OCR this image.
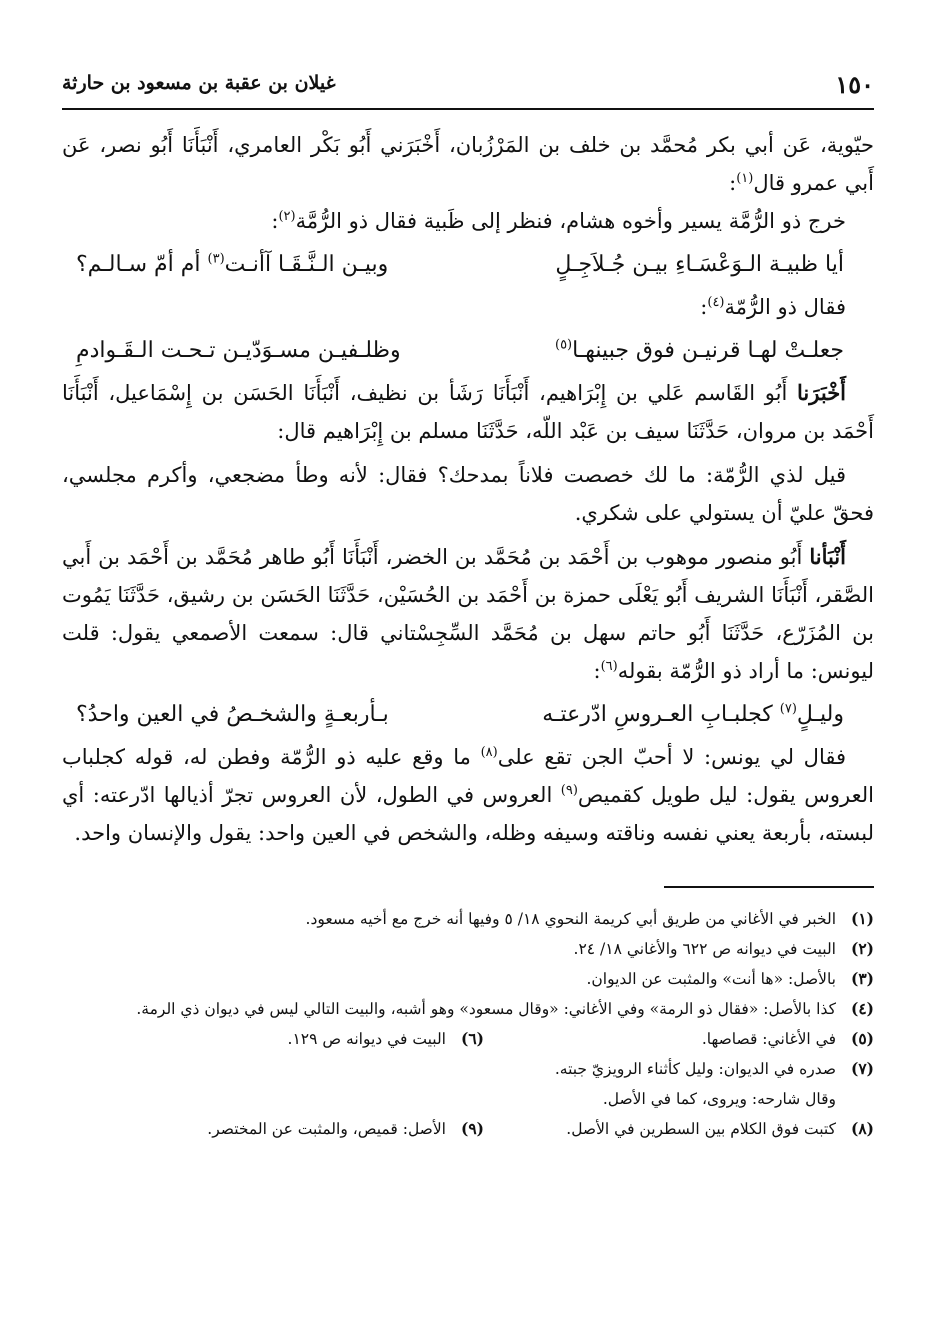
١٥٠
غيلان بن عقبة بن مسعود بن حارثة

حيّوية، عَن أبي بكر مُحمَّد بن خلف بن المَرْزُبان، أَخْبَرَني أَبُو بَكْر العامري، أَنْبَأَنَا أَبُو نصر، عَن أَبي عمرو قال$^{(١)}$:

خرج ذو الرُّمَّة يسير وأخوه هشام، فنظر إلى ظَبية فقال ذو الرُّمَّة$^{(٢)}$:

أيا ظبيـة الـوَعْسَـاءِ بيـن جُـلاَجِـلٍ
وبيـن الـنَّـقَـا آأنـت$^{(٣)}$ أم أمّ سـالـم؟

فقال ذو الرُّمّة$^{(٤)}$:

جعلـتْ لهـا قرنيـن فوق جبينهـا$^{(٥)}$
وظلـفيـن مسـوَدّيـن تـحـت الـقَـوادمِ

أَخْبَرَنا أَبُو القَاسم عَلي بن إِبْرَاهيم، أَنْبَأَنَا رَشَأ بن نظيف، أَنْبَأَنَا الحَسَن بن إِسْمَاعيل، أَنْبَأَنَا أَحْمَد بن مروان، حَدَّثَنَا سيف بن عَبْد اللّه، حَدَّثَنَا مسلم بن إِبْرَاهيم قال:

قيل لذي الرُّمّة: ما لك خصصت فلاناً بمدحك؟ فقال: لأنه وطأ مضجعي، وأكرم مجلسي، فحقّ عليّ أن يستولي على شكري.

أَنْبَأنا أَبُو منصور موهوب بن أَحْمَد بن مُحَمَّد بن الخضر، أَنْبَأَنَا أَبُو طاهر مُحَمَّد بن أَحْمَد بن أَبي الصَّقر، أَنْبَأَنَا الشريف أَبُو يَعْلَى حمزة بن أَحْمَد بن الحُسَيْن، حَدَّثَنَا الحَسَن بن رشيق، حَدَّثَنَا يَمُوت بن المُزَرّع، حَدَّثَنَا أَبُو حاتم سهل بن مُحَمَّد السِّجِسْتاني قال: سمعت الأصمعي يقول: قلت ليونس: ما أراد ذو الرُّمّة بقوله$^{(٦)}$:

وليـلٍ$^{(٧)}$ كجلبـابِ العـروسِ ادّرعتـه
بـأربعـةٍ والشخـصُ في العين واحدُ؟

فقال لي يونس: لا أحبّ الجن تقع على$^{(٨)}$ ما وقع عليه ذو الرُّمّة وفطن له، قوله كجلباب العروس يقول: ليل طويل كقميص$^{(٩)}$ العروس في الطول، لأن العروس تجرّ أذيالها ادّرعته: أي لبسته، بأربعة يعني نفسه وناقته وسيفه وظله، والشخص في العين واحد: يقول والإنسان واحد.

(١)
الخبر في الأغاني من طريق أبي كريمة النحوي ١٨/ ٥ وفيها أنه خرج مع أخيه مسعود.
(٢)
البيت في ديوانه ص ٦٢٢ والأغاني ١٨/ ٢٤.
(٣)
بالأصل: «ها أنت» والمثبت عن الديوان.
(٤)
كذا بالأصل: «فقال ذو الرمة» وفي الأغاني: «وقال مسعود» وهو أشبه، والبيت التالي ليس في ديوان ذي الرمة.
(٥)
في الأغاني: قصاصها.
(٦)
البيت في ديوانه ص ١٢٩.
(٧)
صدره في الديوان: وليل كأثناء الرويزيّ جبته.
وقال شارحه: ويروى، كما في الأصل.
(٨)
كتبت فوق الكلام بين السطرين في الأصل.
(٩)
الأصل: قميص، والمثبت عن المختصر.
